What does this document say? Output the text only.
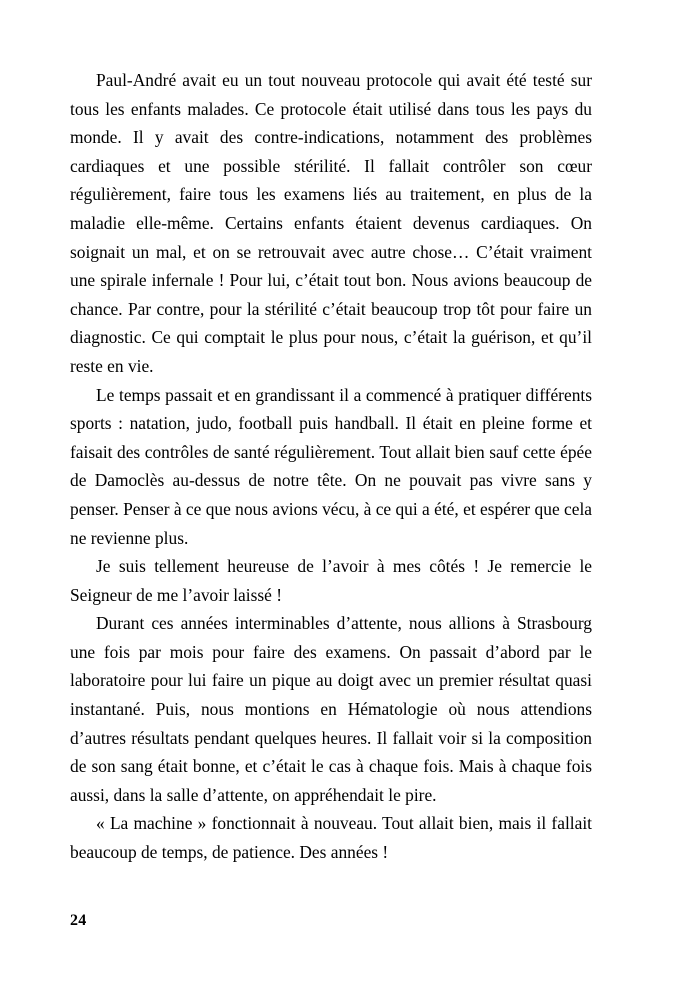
Paul-André avait eu un tout nouveau protocole qui avait été testé sur tous les enfants malades. Ce protocole était utilisé dans tous les pays du monde. Il y avait des contre-indications, notamment des problèmes cardiaques et une possible stérilité. Il fallait contrôler son cœur régulièrement, faire tous les examens liés au traitement, en plus de la maladie elle-même. Certains enfants étaient devenus cardiaques. On soignait un mal, et on se retrouvait avec autre chose… C’était vraiment une spirale infernale ! Pour lui, c’était tout bon. Nous avions beaucoup de chance. Par contre, pour la stérilité c’était beaucoup trop tôt pour faire un diagnostic. Ce qui comptait le plus pour nous, c’était la guérison, et qu’il reste en vie.

Le temps passait et en grandissant il a commencé à pratiquer différents sports : natation, judo, football puis handball. Il était en pleine forme et faisait des contrôles de santé régulièrement. Tout allait bien sauf cette épée de Damoclès au-dessus de notre tête. On ne pouvait pas vivre sans y penser. Penser à ce que nous avions vécu, à ce qui a été, et espérer que cela ne revienne plus.

Je suis tellement heureuse de l’avoir à mes côtés ! Je remercie le Seigneur de me l’avoir laissé !

Durant ces années interminables d’attente, nous allions à Strasbourg une fois par mois pour faire des examens. On passait d’abord par le laboratoire pour lui faire un pique au doigt avec un premier résultat quasi instantané. Puis, nous montions en Hématologie où nous attendions d’autres résultats pendant quelques heures. Il fallait voir si la composition de son sang était bonne, et c’était le cas à chaque fois. Mais à chaque fois aussi, dans la salle d’attente, on appréhendait le pire.

« La machine » fonctionnait à nouveau. Tout allait bien, mais il fallait beaucoup de temps, de patience. Des années !

24
